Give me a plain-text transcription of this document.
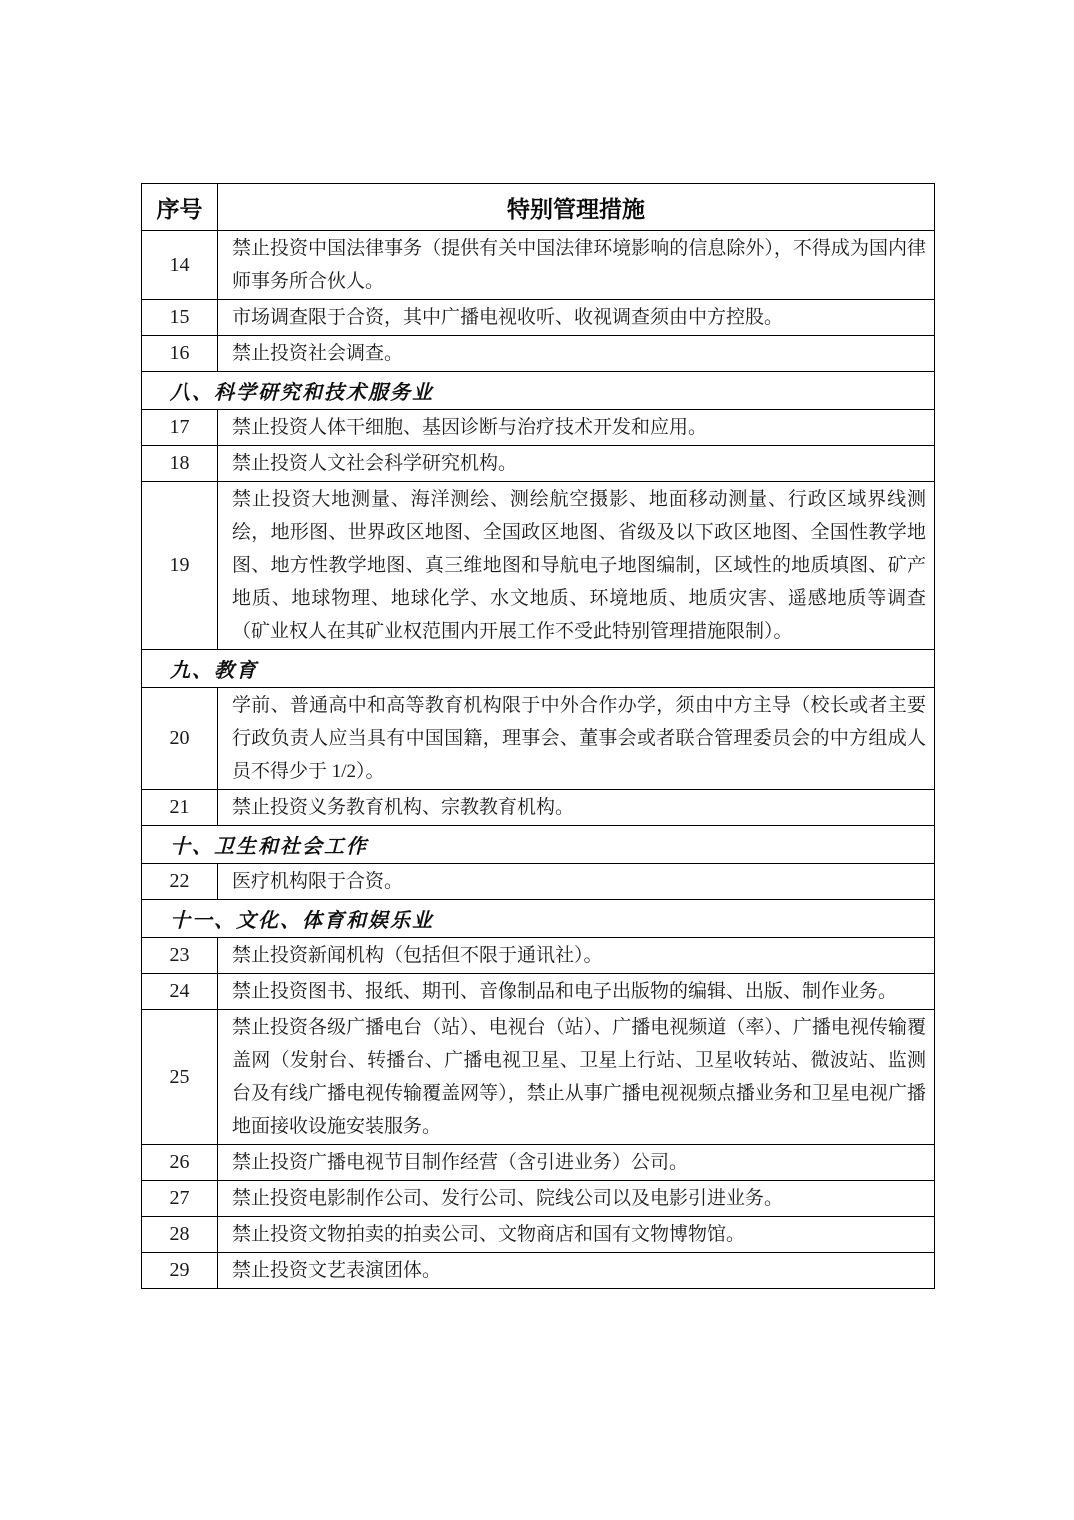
序号	特别管理措施
14	禁止投资中国法律事务（提供有关中国法律环境影响的信息除外），不得成为国内律师事务所合伙人。
15	市场调查限于合资，其中广播电视收听、收视调查须由中方控股。
16	禁止投资社会调查。
八、科学研究和技术服务业	
17	禁止投资人体干细胞、基因诊断与治疗技术开发和应用。
18	禁止投资人文社会科学研究机构。
19	禁止投资大地测量、海洋测绘、测绘航空摄影、地面移动测量、行政区域界线测绘，地形图、世界政区地图、全国政区地图、省级及以下政区地图、全国性教学地图、地方性教学地图、真三维地图和导航电子地图编制，区域性的地质填图、矿产地质、地球物理、地球化学、水文地质、环境地质、地质灾害、遥感地质等调查（矿业权人在其矿业权范围内开展工作不受此特别管理措施限制）。
九、教育	
20	学前、普通高中和高等教育机构限于中外合作办学，须由中方主导（校长或者主要行政负责人应当具有中国国籍，理事会、董事会或者联合管理委员会的中方组成人员不得少于 1/2）。
21	禁止投资义务教育机构、宗教教育机构。
十、卫生和社会工作	
22	医疗机构限于合资。
十一、文化、体育和娱乐业	
23	禁止投资新闻机构（包括但不限于通讯社）。
24	禁止投资图书、报纸、期刊、音像制品和电子出版物的编辑、出版、制作业务。
25	禁止投资各级广播电台（站）、电视台（站）、广播电视频道（率）、广播电视传输覆盖网（发射台、转播台、广播电视卫星、卫星上行站、卫星收转站、微波站、监测台及有线广播电视传输覆盖网等），禁止从事广播电视视频点播业务和卫星电视广播地面接收设施安装服务。
26	禁止投资广播电视节目制作经营（含引进业务）公司。
27	禁止投资电影制作公司、发行公司、院线公司以及电影引进业务。
28	禁止投资文物拍卖的拍卖公司、文物商店和国有文物博物馆。
29	禁止投资文艺表演团体。
